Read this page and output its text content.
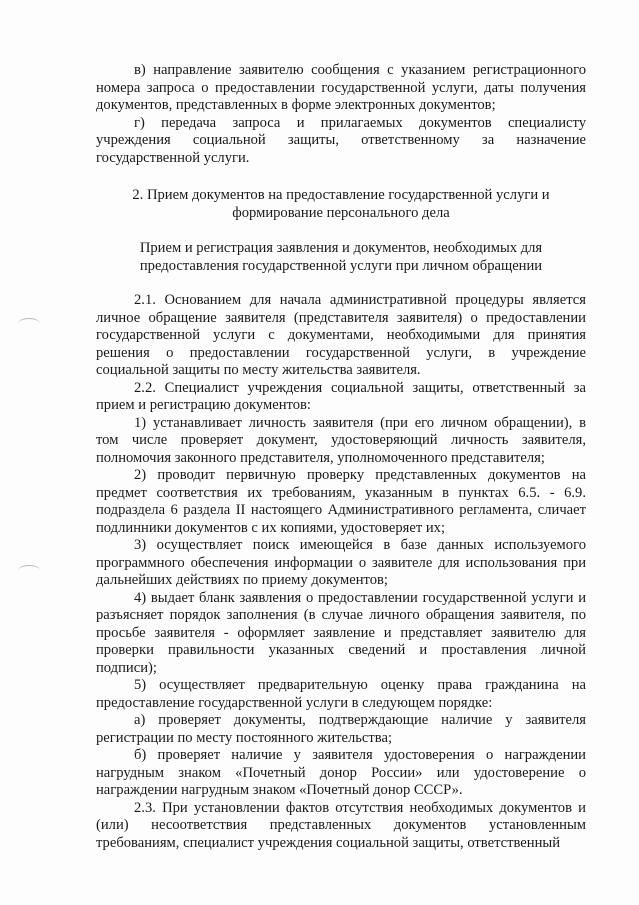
в) направление заявителю сообщения с указанием регистрационного номера запроса о предоставлении государственной услуги, даты получения документов, представленных в форме электронных документов;

г) передача запроса и прилагаемых документов специалисту учреждения социальной защиты, ответственному за назначение государственной услуги.

2. Прием документов на предоставление государственной услуги и формирование персонального дела
Прием и регистрация заявления и документов, необходимых для предоставления государственной услуги при личном обращении

2.1. Основанием для начала административной процедуры является личное обращение заявителя (представителя заявителя) о предоставлении государственной услуги с документами, необходимыми для принятия решения о предоставлении государственной услуги, в учреждение социальной защиты по месту жительства заявителя.

2.2. Специалист учреждения социальной защиты, ответственный за прием и регистрацию документов:

1) устанавливает личность заявителя (при его личном обращении), в том числе проверяет документ, удостоверяющий личность заявителя, полномочия законного представителя, уполномоченного представителя;

2) проводит первичную проверку представленных документов на предмет соответствия их требованиям, указанным в пунктах 6.5. - 6.9. подраздела 6 раздела II настоящего Административного регламента, сличает подлинники документов с их копиями, удостоверяет их;

3) осуществляет поиск имеющейся в базе данных используемого программного обеспечения информации о заявителе для использования при дальнейших действиях по приему документов;

4) выдает бланк заявления о предоставлении государственной услуги и разъясняет порядок заполнения (в случае личного обращения заявителя, по просьбе заявителя - оформляет заявление и представляет заявителю для проверки правильности указанных сведений и проставления личной подписи);

5) осуществляет предварительную оценку права гражданина на предоставление государственной услуги в следующем порядке:

а) проверяет документы, подтверждающие наличие у заявителя регистрации по месту постоянного жительства;

б) проверяет наличие у заявителя удостоверения о награждении нагрудным знаком «Почетный донор России» или удостоверение о награждении нагрудным знаком «Почетный донор СССР».

2.3. При установлении фактов отсутствия необходимых документов и (или) несоответствия представленных документов установленным требованиям, специалист учреждения социальной защиты, ответственный
